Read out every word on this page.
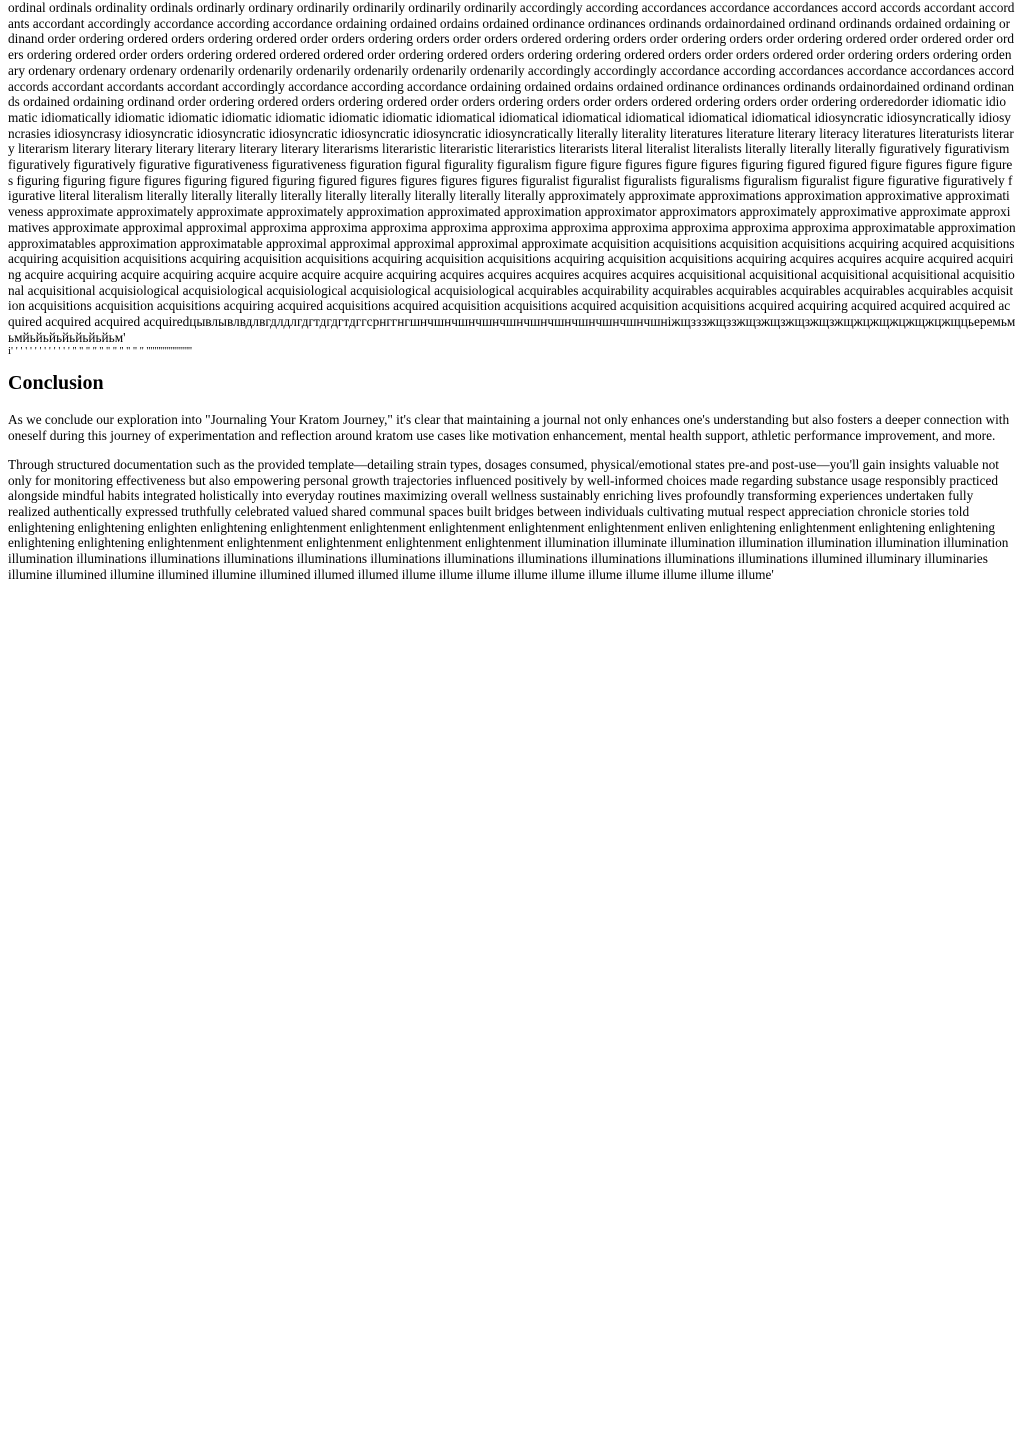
ordinal ordinals ordinality ordinals ordinarly ordinary ordinarily ordinarily ordinarily ordinarily accordingly according accordances accordance accordances accord accords accordant accordants accordant accordingly accordance according accordance ordaining ordained ordains ordained ordinance ordinances ordinands ordainordained ordinand ordinands ordained ordaining ordinand order ordering ordered orders ordering ordered order orders ordering orders order orders ordered ordering orders order ordering orders order ordering ordered order ordered order orders ordering ordered order orders ordering ordered ordered ordered order ordering ordered orders ordering ordering ordered orders order orders ordered order ordering orders ordering ordenary ordenary ordenary ordenary ordenarily ordenarily ordenarily ordenarily ordenarily ordenarily accordingly accordingly accordance according accordances accordance accordances accord accords accordant accordants accordant accordingly accordance according accordance ordaining ordained ordains ordained ordinance ordinances ordinands ordainordained ordinand ordinands ordained ordaining ordinand order ordering ordered orders ordering ordered order orders ordering orders order orders ordered ordering orders order ordering orderedorder idiomatic idiomatic idiomatically idiomatic idiomatic idiomatic idiomatic idiomatic idiomatic idiomatical idiomatical idiomatical idiomatical idiomatical idiomatical idiosyncratic idiosyncratically idiosyncrasies idiosyncrasy idiosyncratic idiosyncratic idiosyncratic idiosyncratic idiosyncratic idiosyncratically literally literality literatures literature literary literacy literatures literaturists literary literarism literary literary literary literary literary literary literarisms literaristic literaristic literaristics literarists literal literalist literalists literally literally literally figuratively figurativism figuratively figuratively figurative figurativeness figurativeness figuration figural figurality figuralism figure figure figures figure figures figuring figured figured figure figures figure figures figuring figuring figure figures figuring figured figuring figured figures figures figures figures figuralist figuralist figuralists figuralisms figuralism figuralist figure figurative figuratively figurative literal literalism literally literally literally literally literally literally literally literally literally approximately approximate approximations approximation approximative approximativeness approximate approximately approximate approximately approximation approximated approximation approximator approximators approximately approximative approximate approximatives approximate approximal approximal approxima approxima approxima approxima approxima approxima approxima approxima approxima approxima approximatable approximation approximatables approximation approximatable approximal approximal approximal approximal approximate acquisition acquisitions acquisition acquisitions acquiring acquired acquisitions acquiring acquisition acquisitions acquiring acquisition acquisitions acquiring acquisition acquisitions acquiring acquisition acquisitions acquiring acquires acquires acquire acquired acquiring acquire acquiring acquire acquiring acquire acquire acquire acquire acquiring acquires acquires acquires acquires acquires acquisitional acquisitional acquisitional acquisitional acquisitional acquisitional acquisiological acquisiological acquisiological acquisiological acquisiological acquirables acquirability acquirables acquirables acquirables acquirables acquirables acquisition acquisitions acquisition acquisitions acquiring acquired acquisitions acquired acquisition acquisitions acquired acquisition acquisitions acquired acquiring acquired acquired acquired acquired acquired acquired acquiredцывлывлвдлвгдлдлгдгтдгдгтдггсрнггнгшнчшнчшнчшнчшнчшнчшнчшнчшнчшнчшнiжщзззжщззжщзжщзжщзжщзжщжцжщжцжщжцжщцьеремьмьмйьйьйьйьйьйьйьм'

i' ' ' ' ' ' ' ' ' ' ' ' ' '' '' '' '' '' '' '' '' '' '' '' '''''''''''''''''''''''

Conclusion

As we conclude our exploration into "Journaling Your Kratom Journey," it's clear that maintaining a journal not only enhances one's understanding but also fosters a deeper connection with oneself during this journey of experimentation and reflection around kratom use cases like motivation enhancement, mental health support, athletic performance improvement, and more.

Through structured documentation such as the provided template—detailing strain types, dosages consumed, physical/emotional states pre-and post-use—you'll gain insights valuable not only for monitoring effectiveness but also empowering personal growth trajectories influenced positively by well-informed choices made regarding substance usage responsibly practiced alongside mindful habits integrated holistically into everyday routines maximizing overall wellness sustainably enriching lives profoundly transforming experiences undertaken fully realized authentically expressed truthfully celebrated valued shared communal spaces built bridges between individuals cultivating mutual respect appreciation chronicle stories told enlightening enlightening enlighten enlightening enlightenment enlightenment enlightenment enlightenment enlightenment enliven enlightening enlightenment enlightening enlightening enlightening enlightening enlightenment enlightenment enlightenment enlightenment enlightenment illumination illuminate illumination illumination illumination illumination illumination illumination illuminations illuminations illuminations illuminations illuminations illuminations illuminations illuminations illuminations illuminations illumined illuminary illuminaries illumine illumined illumine illumined illumine illumined illumed illumed illume illume illume illume illume illume illume illume illume illume'
